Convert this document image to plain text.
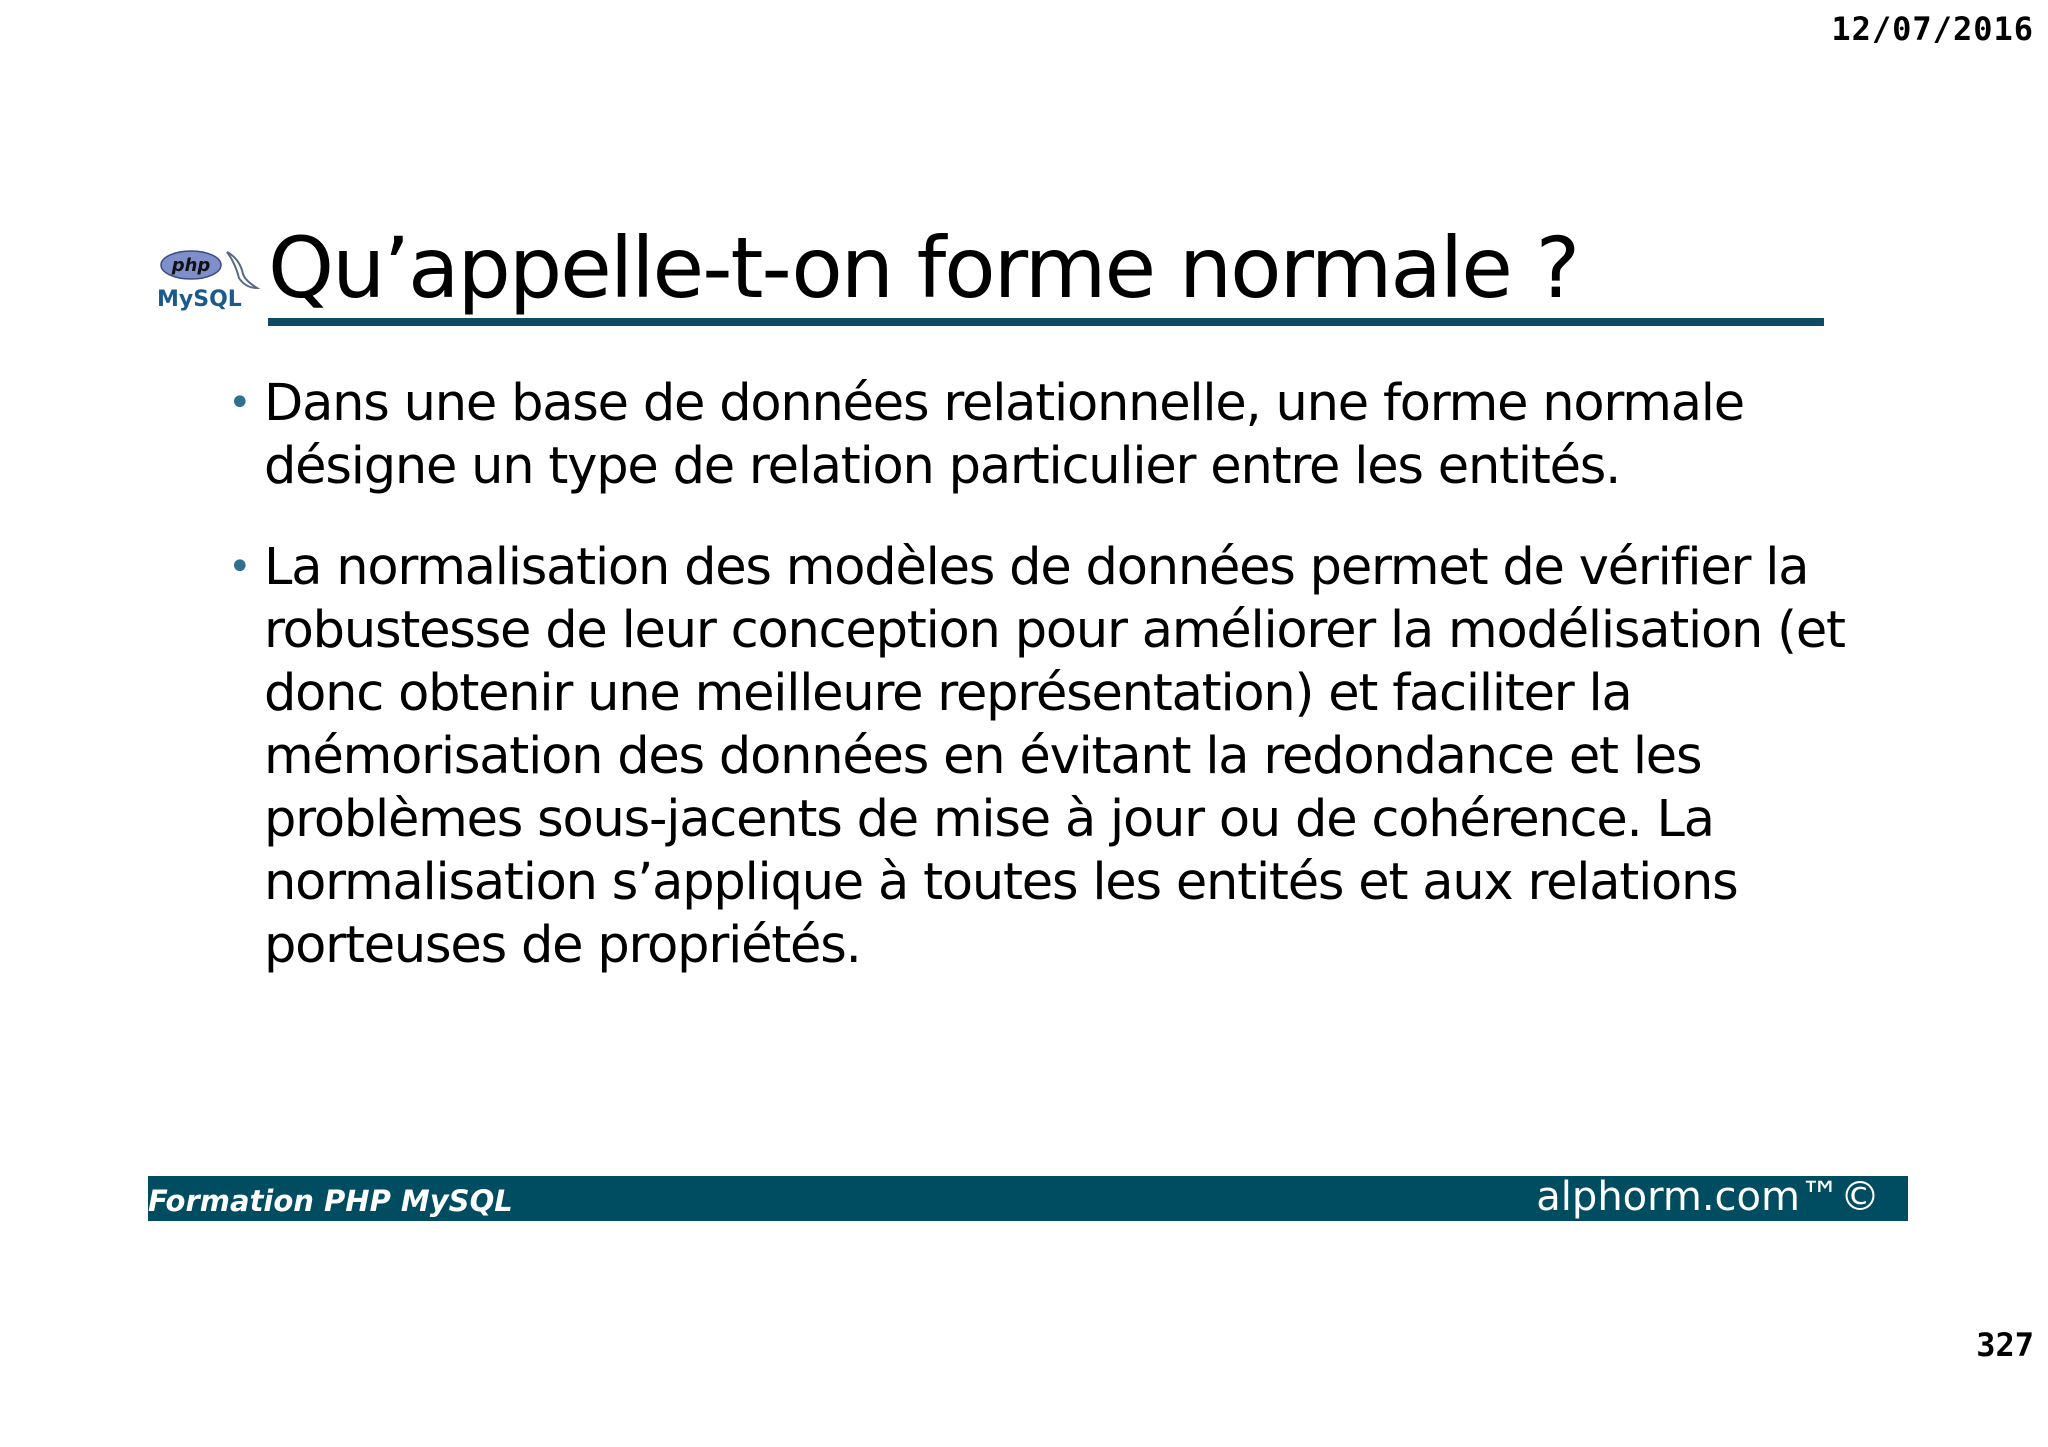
12/07/2016
php
MySQL Qu’appelle-t-on forme normale ?
• Dans une base de données relationnelle, une forme normale désigne un type de relation particulier entre les entités.
• La normalisation des modèles de données permet de vérifier la robustesse de leur conception pour améliorer la modélisation (et donc obtenir une meilleure représentation) et faciliter la mémorisation des données en évitant la redondance et les problèmes sous-jacents de mise à jour ou de cohérence. La normalisation s’applique à toutes les entités et aux relations porteuses de propriétés.
Formation PHP MySQL	alphorm.com™©
327
